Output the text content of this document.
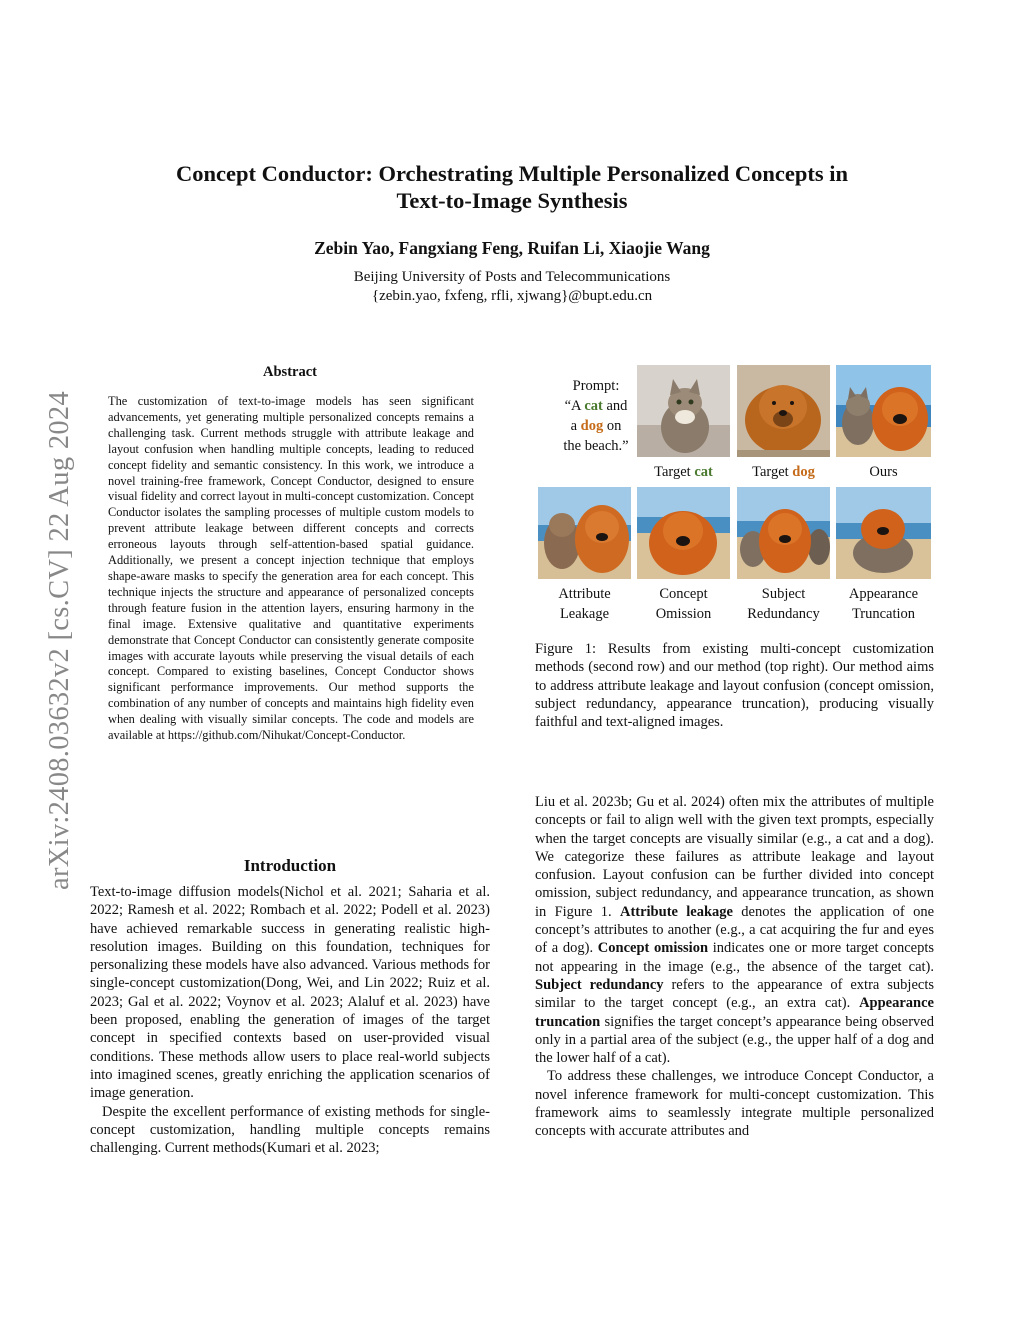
Concept Conductor: Orchestrating Multiple Personalized Concepts in
Text-to-Image Synthesis
Zebin Yao, Fangxiang Feng, Ruifan Li, Xiaojie Wang
Beijing University of Posts and Telecommunications
{zebin.yao, fxfeng, rfli, xjwang}@bupt.edu.cn
arXiv:2408.03632v2 [cs.CV] 22 Aug 2024
Abstract
The customization of text-to-image models has seen significant advancements, yet generating multiple personalized concepts remains a challenging task. Current methods struggle with attribute leakage and layout confusion when handling multiple concepts, leading to reduced concept fidelity and semantic consistency. In this work, we introduce a novel training-free framework, Concept Conductor, designed to ensure visual fidelity and correct layout in multi-concept customization. Concept Conductor isolates the sampling processes of multiple custom models to prevent attribute leakage between different concepts and corrects erroneous layouts through self-attention-based spatial guidance. Additionally, we present a concept injection technique that employs shape-aware masks to specify the generation area for each concept. This technique injects the structure and appearance of personalized concepts through feature fusion in the attention layers, ensuring harmony in the final image. Extensive qualitative and quantitative experiments demonstrate that Concept Conductor can consistently generate composite images with accurate layouts while preserving the visual details of each concept. Compared to existing baselines, Concept Conductor shows significant performance improvements. Our method supports the combination of any number of concepts and maintains high fidelity even when dealing with visually similar concepts. The code and models are available at https://github.com/Nihukat/Concept-Conductor.
Introduction

Text-to-image diffusion models(Nichol et al. 2021; Saharia et al. 2022; Ramesh et al. 2022; Rombach et al. 2022; Podell et al. 2023) have achieved remarkable success in generating realistic high-resolution images. Building on this foundation, techniques for personalizing these models have also advanced. Various methods for single-concept customization(Dong, Wei, and Lin 2022; Ruiz et al. 2023; Gal et al. 2022; Voynov et al. 2023; Alaluf et al. 2023) have been proposed, enabling the generation of images of the target concept in specified contexts based on user-provided visual conditions. These methods allow users to place real-world subjects into imagined scenes, greatly enriching the application scenarios of image generation.

Despite the excellent performance of existing methods for single-concept customization, handling multiple concepts remains challenging. Current methods(Kumari et al. 2023;

Prompt:
“A cat and
a dog on
the beach.”
Target cat	Target dog	Ours
Attribute
Leakage
Concept
Omission
Subject
Redundancy
Appearance
Truncation
Figure 1: Results from existing multi-concept customization methods (second row) and our method (top right). Our method aims to address attribute leakage and layout confusion (concept omission, subject redundancy, appearance truncation), producing visually faithful and text-aligned images.

Liu et al. 2023b; Gu et al. 2024) often mix the attributes of multiple concepts or fail to align well with the given text prompts, especially when the target concepts are visually similar (e.g., a cat and a dog). We categorize these failures as attribute leakage and layout confusion. Layout confusion can be further divided into concept omission, subject redundancy, and appearance truncation, as shown in Figure 1. Attribute leakage denotes the application of one concept’s attributes to another (e.g., a cat acquiring the fur and eyes of a dog). Concept omission indicates one or more target concepts not appearing in the image (e.g., the absence of the target cat). Subject redundancy refers to the appearance of extra subjects similar to the target concept (e.g., an extra cat). Appearance truncation signifies the target concept’s appearance being observed only in a partial area of the subject (e.g., the upper half of a dog and the lower half of a cat).

To address these challenges, we introduce Concept Conductor, a novel inference framework for multi-concept customization. This framework aims to seamlessly integrate multiple personalized concepts with accurate attributes and
